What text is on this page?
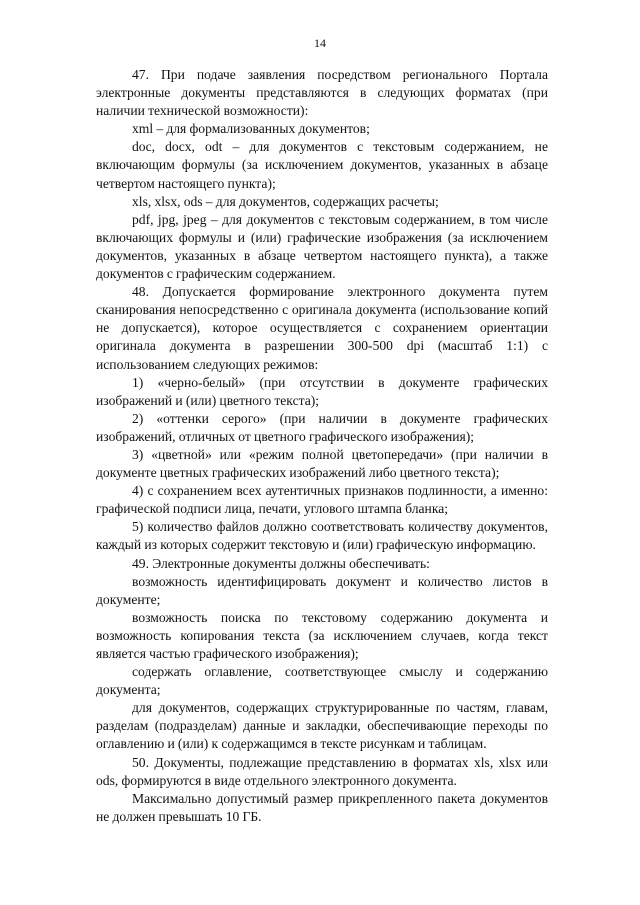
14

47. При подаче заявления посредством регионального Портала электронные документы представляются в следующих форматах (при наличии технической возможности):

xml – для формализованных документов;

doc, docx, odt – для документов с текстовым содержанием, не включающим формулы (за исключением документов, указанных в абзаце четвертом настоящего пункта);

xls, xlsx, ods – для документов, содержащих расчеты;

pdf, jpg, jpeg – для документов с текстовым содержанием, в том числе включающих формулы и (или) графические изображения (за исключением документов, указанных в абзаце четвертом настоящего пункта), а также документов с графическим содержанием.

48. Допускается формирование электронного документа путем сканирования непосредственно с оригинала документа (использование копий не допускается), которое осуществляется с сохранением ориентации оригинала документа в разрешении 300-500 dpi (масштаб 1:1) с использованием следующих режимов:

1) «черно-белый» (при отсутствии в документе графических изображений и (или) цветного текста);

2) «оттенки серого» (при наличии в документе графических изображений, отличных от цветного графического изображения);

3) «цветной» или «режим полной цветопередачи» (при наличии в документе цветных графических изображений либо цветного текста);

4) с сохранением всех аутентичных признаков подлинности, а именно: графической подписи лица, печати, углового штампа бланка;

5) количество файлов должно соответствовать количеству документов, каждый из которых содержит текстовую и (или) графическую информацию.

49. Электронные документы должны обеспечивать:

возможность идентифицировать документ и количество листов в документе;

возможность поиска по текстовому содержанию документа и возможность копирования текста (за исключением случаев, когда текст является частью графического изображения);

содержать оглавление, соответствующее смыслу и содержанию документа;

для документов, содержащих структурированные по частям, главам, разделам (подразделам) данные и закладки, обеспечивающие переходы по оглавлению и (или) к содержащимся в тексте рисункам и таблицам.

50. Документы, подлежащие представлению в форматах xls, xlsx или ods, формируются в виде отдельного электронного документа.

Максимально допустимый размер прикрепленного пакета документов не должен превышать 10 ГБ.
